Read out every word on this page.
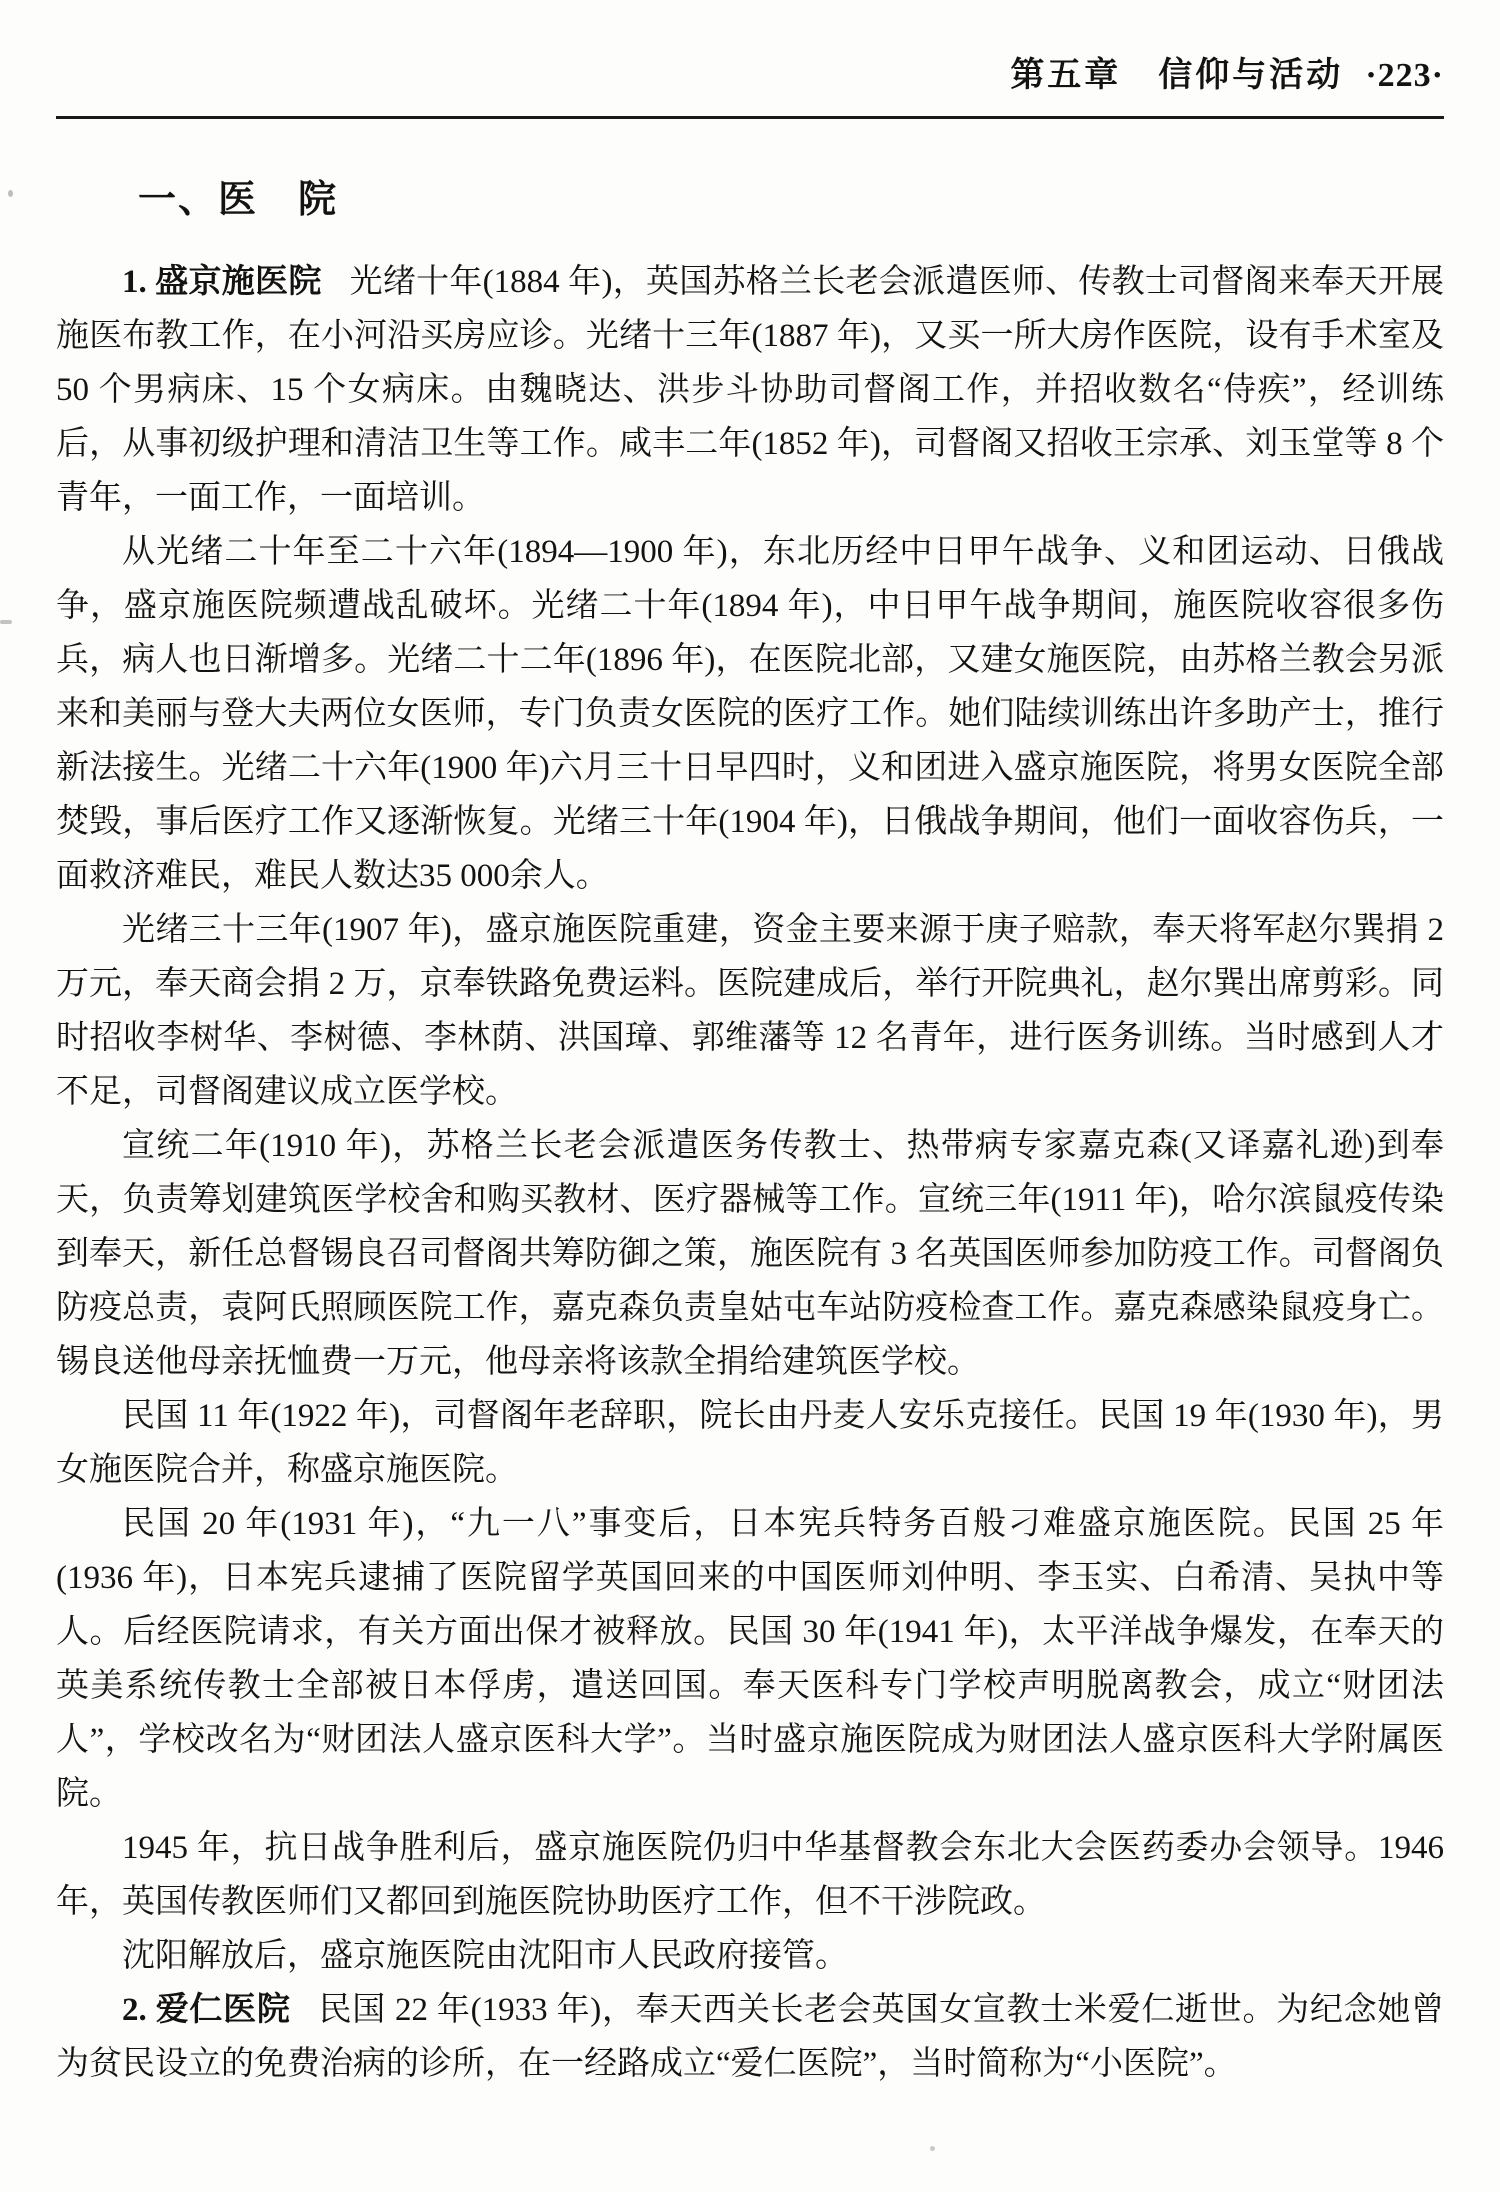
第五章　信仰与活动 ·223·
一、医　院

1. 盛京施医院 光绪十年(1884 年)，英国苏格兰长老会派遣医师、传教士司督阁来奉天开展施医布教工作，在小河沿买房应诊。光绪十三年(1887 年)，又买一所大房作医院，设有手术室及50 个男病床、15 个女病床。由魏晓达、洪步斗协助司督阁工作，并招收数名“侍疾”，经训练后，从事初级护理和清洁卫生等工作。咸丰二年(1852 年)，司督阁又招收王宗承、刘玉堂等 8 个青年，一面工作，一面培训。

从光绪二十年至二十六年(1894—1900 年)，东北历经中日甲午战争、义和团运动、日俄战争，盛京施医院频遭战乱破坏。光绪二十年(1894 年)，中日甲午战争期间，施医院收容很多伤兵，病人也日渐增多。光绪二十二年(1896 年)，在医院北部，又建女施医院，由苏格兰教会另派来和美丽与登大夫两位女医师，专门负责女医院的医疗工作。她们陆续训练出许多助产士，推行新法接生。光绪二十六年(1900 年)六月三十日早四时，义和团进入盛京施医院，将男女医院全部焚毁，事后医疗工作又逐渐恢复。光绪三十年(1904 年)，日俄战争期间，他们一面收容伤兵，一面救济难民，难民人数达35 000余人。

光绪三十三年(1907 年)，盛京施医院重建，资金主要来源于庚子赔款，奉天将军赵尔巽捐 2 万元，奉天商会捐 2 万，京奉铁路免费运料。医院建成后，举行开院典礼，赵尔巽出席剪彩。同时招收李树华、李树德、李林荫、洪国璋、郭维藩等 12 名青年，进行医务训练。当时感到人才不足，司督阁建议成立医学校。

宣统二年(1910 年)，苏格兰长老会派遣医务传教士、热带病专家嘉克森(又译嘉礼逊)到奉天，负责筹划建筑医学校舍和购买教材、医疗器械等工作。宣统三年(1911 年)，哈尔滨鼠疫传染到奉天，新任总督锡良召司督阁共筹防御之策，施医院有 3 名英国医师参加防疫工作。司督阁负防疫总责，袁阿氏照顾医院工作，嘉克森负责皇姑屯车站防疫检查工作。嘉克森感染鼠疫身亡。锡良送他母亲抚恤费一万元，他母亲将该款全捐给建筑医学校。

民国 11 年(1922 年)，司督阁年老辞职，院长由丹麦人安乐克接任。民国 19 年(1930 年)，男女施医院合并，称盛京施医院。

民国 20 年(1931 年)，“九一八”事变后，日本宪兵特务百般刁难盛京施医院。民国 25 年(1936 年)，日本宪兵逮捕了医院留学英国回来的中国医师刘仲明、李玉实、白希清、吴执中等人。后经医院请求，有关方面出保才被释放。民国 30 年(1941 年)，太平洋战争爆发，在奉天的英美系统传教士全部被日本俘虏，遣送回国。奉天医科专门学校声明脱离教会，成立“财团法人”，学校改名为“财团法人盛京医科大学”。当时盛京施医院成为财团法人盛京医科大学附属医院。

1945 年，抗日战争胜利后，盛京施医院仍归中华基督教会东北大会医药委办会领导。1946 年，英国传教医师们又都回到施医院协助医疗工作，但不干涉院政。

沈阳解放后，盛京施医院由沈阳市人民政府接管。

2. 爱仁医院 民国 22 年(1933 年)，奉天西关长老会英国女宣教士米爱仁逝世。为纪念她曾为贫民设立的免费治病的诊所，在一经路成立“爱仁医院”，当时简称为“小医院”。
